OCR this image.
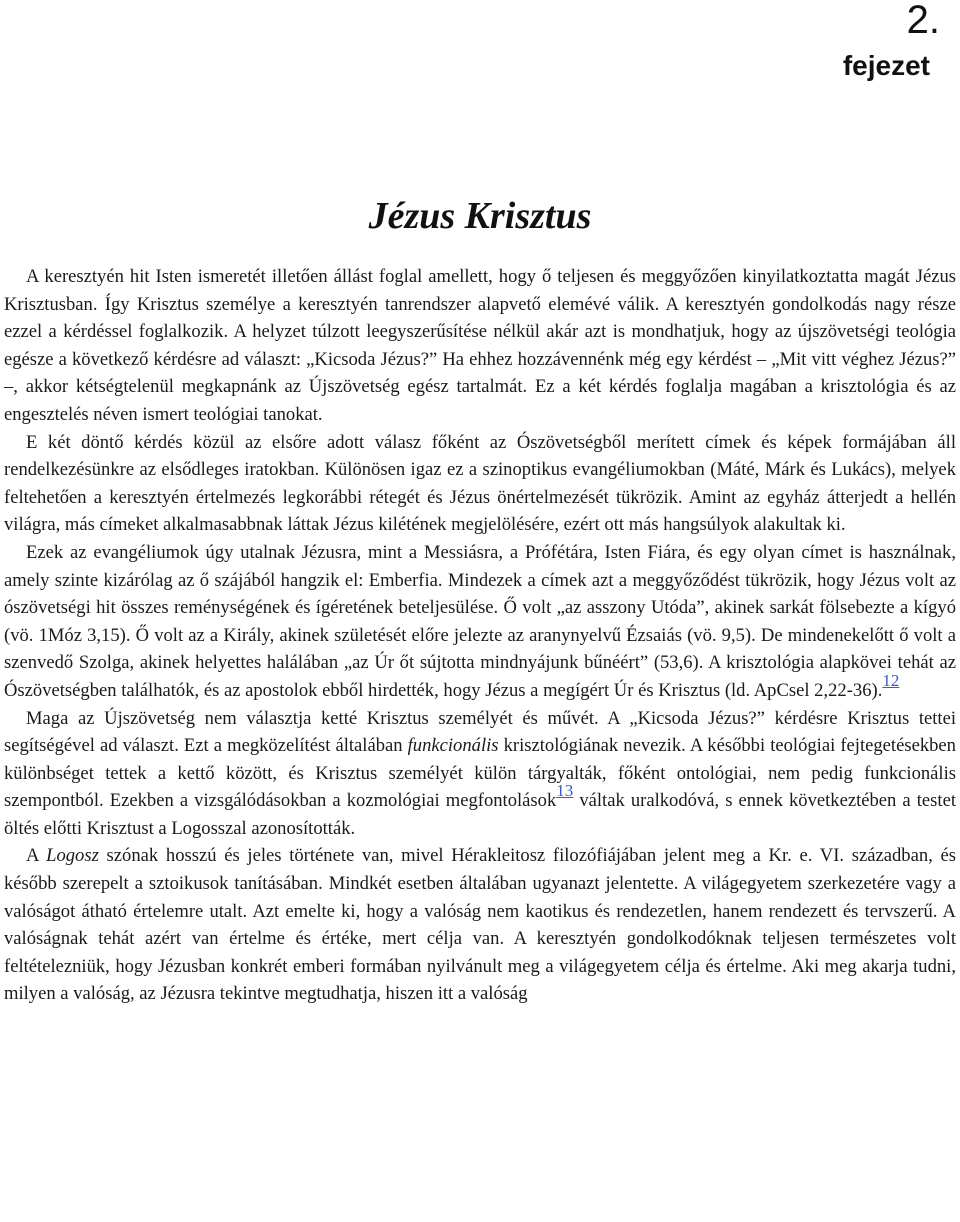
2.
fejezet
Jézus Krisztus

A keresztyén hit Isten ismeretét illetően állást foglal amellett, hogy ő teljesen és meggyőzően kinyilatkoztatta magát Jézus Krisztusban. Így Krisztus személye a keresztyén tanrendszer alapvető elemévé válik. A keresztyén gondolkodás nagy része ezzel a kérdéssel foglalkozik. A helyzet túlzott leegyszerűsítése nélkül akár azt is mondhatjuk, hogy az újszövetségi teológia egésze a következő kérdésre ad választ: „Kicsoda Jézus?” Ha ehhez hozzávennénk még egy kérdést – „Mit vitt véghez Jézus?” –, akkor kétségtelenül megkapnánk az Újszövetség egész tartalmát. Ez a két kérdés foglalja magában a krisztológia és az engesztelés néven ismert teológiai tanokat.

E két döntő kérdés közül az elsőre adott válasz főként az Ószövetségből merített címek és képek formájában áll rendelkezésünkre az elsődleges iratokban. Különösen igaz ez a szinoptikus evangéliumokban (Máté, Márk és Lukács), melyek feltehetően a keresztyén értelmezés legkorábbi rétegét és Jézus önértelmezését tükrözik. Amint az egyház átterjedt a hellén világra, más címeket alkalmasabbnak láttak Jézus kilétének megjelölésére, ezért ott más hangsúlyok alakultak ki.

Ezek az evangéliumok úgy utalnak Jézusra, mint a Messiásra, a Prófétára, Isten Fiára, és egy olyan címet is használnak, amely szinte kizárólag az ő szájából hangzik el: Emberfia. Mindezek a címek azt a meggyőződést tükrözik, hogy Jézus volt az ószövetségi hit összes reménységének és ígéretének beteljesülése. Ő volt „az asszony Utóda”, akinek sarkát fölsebezte a kígyó (vö. 1Móz 3,15). Ő volt az a Király, akinek születését előre jelezte az aranynyelvű Ézsaiás (vö. 9,5). De mindenekelőtt ő volt a szenvedő Szolga, akinek helyettes halálában „az Úr őt sújtotta mindnyájunk bűnéért” (53,6). A krisztológia alapkövei tehát az Ószövetségben találhatók, és az apostolok ebből hirdették, hogy Jézus a megígért Úr és Krisztus (ld. ApCsel 2,22-36).$^{12}$

Maga az Újszövetség nem választja ketté Krisztus személyét és művét. A „Kicsoda Jézus?” kérdésre Krisztus tettei segítségével ad választ. Ezt a megközelítést általában funkcionális krisztológiának nevezik. A későbbi teológiai fejtegetésekben különbséget tettek a kettő között, és Krisztus személyét külön tárgyalták, főként ontológiai, nem pedig funkcionális szempontból. Ezekben a vizsgálódásokban a kozmológiai megfontolások$^{13}$ váltak uralkodóvá, s ennek következtében a testet öltés előtti Krisztust a Logosszal azonosították.

A Logosz szónak hosszú és jeles története van, mivel Hérakleitosz filozófiájában jelent meg a Kr. e. VI. században, és később szerepelt a sztoikusok tanításában. Mindkét esetben általában ugyanazt jelentette. A világegyetem szerkezetére vagy a valóságot átható értelemre utalt. Azt emelte ki, hogy a valóság nem kaotikus és rendezetlen, hanem rendezett és tervszerű. A valóságnak tehát azért van értelme és értéke, mert célja van. A keresztyén gondolkodóknak teljesen természetes volt feltételezniük, hogy Jézusban konkrét emberi formában nyilvánult meg a világegyetem célja és értelme. Aki meg akarja tudni, milyen a valóság, az Jézusra tekintve megtudhatja, hiszen itt a valóság
